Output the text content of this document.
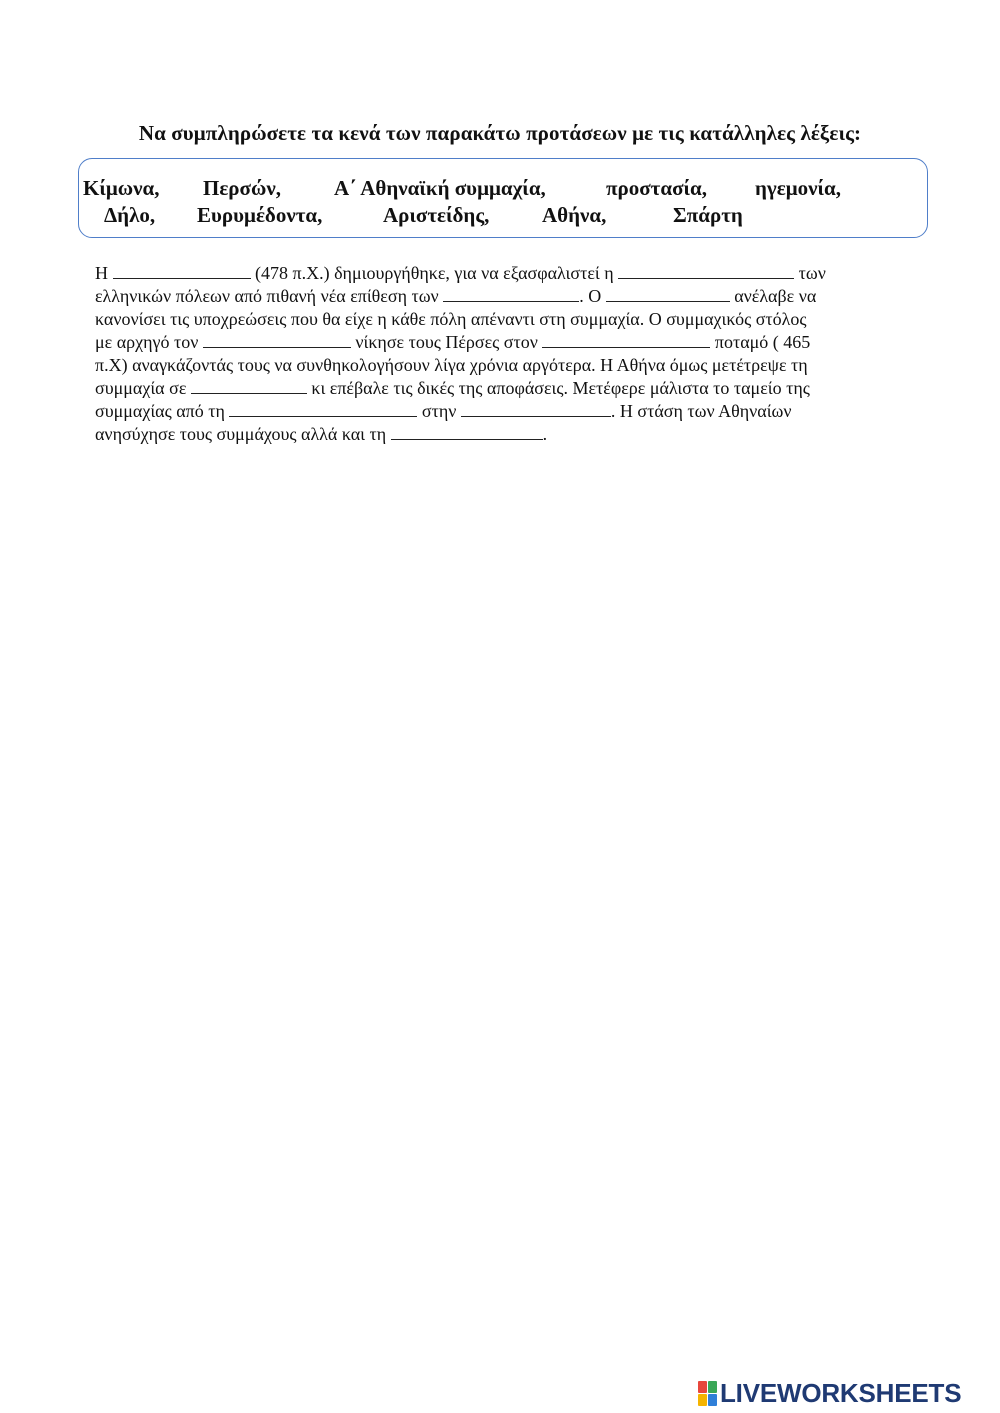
Να συμπληρώσετε τα κενά των παρακάτω προτάσεων με τις κατάλληλες λέξεις:
Κίμωνα, Περσών,	Α΄ Αθηναϊκή συμμαχία,	προστασία, ηγεμονία,
Δήλο, Ευρυμέδοντα,	Αριστείδης,	Αθήνα,	Σπάρτη
Η	(478 π.Χ.) δημιουργήθηκε, για να εξασφαλιστεί η	των
ελληνικών πόλεων από πιθανή νέα επίθεση των	. Ο	ανέλαβε να
κανονίσει τις υποχρεώσεις που θα είχε η κάθε πόλη απέναντι στη συμμαχία. Ο συμμαχικός στόλος
με αρχηγό τον	νίκησε τους Πέρσες στον	ποταμό ( 465
π.Χ) αναγκάζοντάς τους να συνθηκολογήσουν λίγα χρόνια αργότερα. Η Αθήνα όμως μετέτρεψε τη
συμμαχία σε	κι επέβαλε τις δικές της αποφάσεις. Μετέφερε μάλιστα το ταμείο της
συμμαχίας από τη	στην	. Η στάση των Αθηναίων
ανησύχησε τους συμμάχους αλλά και τη	.
LIVEWORKSHEETS
